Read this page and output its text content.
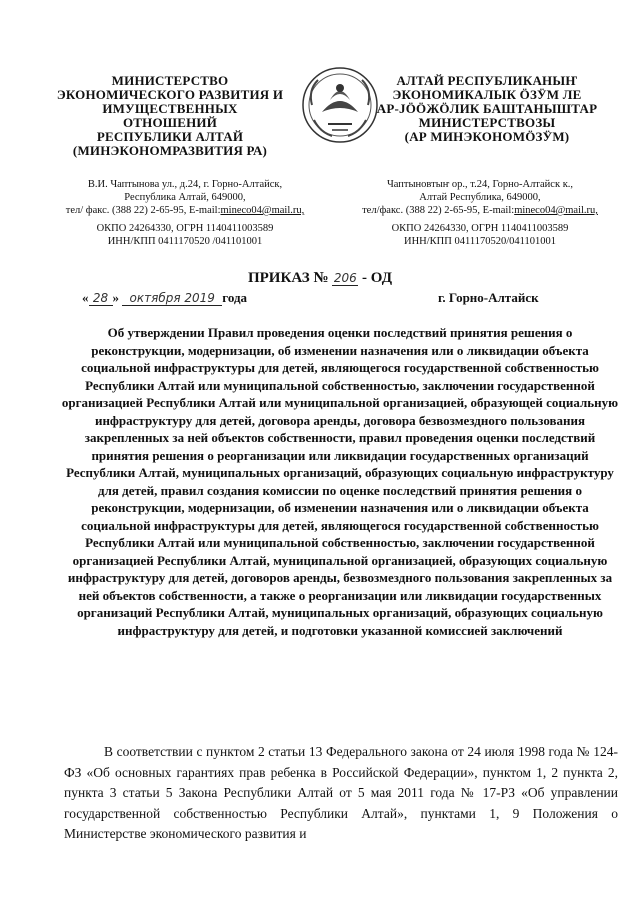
МИНИСТЕРСТВО
ЭКОНОМИЧЕСКОГО РАЗВИТИЯ И
ИМУЩЕСТВЕННЫХ ОТНОШЕНИЙ
РЕСПУБЛИКИ АЛТАЙ
(МИНЭКОНОМРАЗВИТИЯ РА)
АЛТАЙ РЕСПУБЛИКАНЫҤ
ЭКОНОМИКАЛЫК ÖЗӰМ ЛЕ
АР-JÖÖЖÖЛИК БАШТАНЫШТАР
МИНИСТЕРСТВОЗЫ
(АР МИНЭКОНОМÖЗӰМ)
В.И. Чаптынова ул., д.24, г. Горно-Алтайск,
Республика Алтай, 649000,
тел/ факс. (388 22) 2-65-95, E-mail:mineco04@mail.ru,
Чаптыновтыҥ ор., т.24, Горно-Алтайск к.,
Алтай Республика, 649000,
тел/факс. (388 22) 2-65-95, E-mail:mineco04@mail.ru,
ОКПО 24264330, ОГРН 1140411003589
ИНН/КПП 0411170520 /041101001
ОКПО 24264330, ОГРН 1140411003589
ИНН/КПП 0411170520/041101001
ПРИКАЗ № 206 - ОД
« 28 » октября 2019 года	г. Горно-Алтайск
Об утверждении Правил проведения оценки последствий принятия решения о реконструкции, модернизации, об изменении назначения или о ликвидации объекта социальной инфраструктуры для детей, являющегося государственной собственностью Республики Алтай или муниципальной собственностью, заключении государственной организацией Республики Алтай или муниципальной организацией, образующей социальную инфраструктуру для детей, договора аренды, договора безвозмездного пользования закрепленных за ней объектов собственности, правил проведения оценки последствий принятия решения о реорганизации или ликвидации государственных организаций Республики Алтай, муниципальных организаций, образующих социальную инфраструктуру для детей, правил создания комиссии по оценке последствий принятия решения о реконструкции, модернизации, об изменении назначения или о ликвидации объекта социальной инфраструктуры для детей, являющегося государственной собственностью Республики Алтай или муниципальной собственностью, заключении государственной организацией Республики Алтай, муниципальной организацией, образующих социальную инфраструктуру для детей, договоров аренды, безвозмездного пользования закрепленных за ней объектов собственности, а также о реорганизации или ликвидации государственных организаций Республики Алтай, муниципальных организаций, образующих социальную инфраструктуру для детей, и подготовки указанной комиссией заключений
В соответствии с пунктом 2 статьи 13 Федерального закона от 24 июля 1998 года № 124-ФЗ «Об основных гарантиях прав ребенка в Российской Федерации», пунктом 1, 2 пункта 2, пункта 3 статьи 5 Закона Республики Алтай от 5 мая 2011 года № 17-РЗ «Об управлении государственной собственностью Республики Алтай», пунктами 1, 9 Положения о Министерстве экономического развития и
